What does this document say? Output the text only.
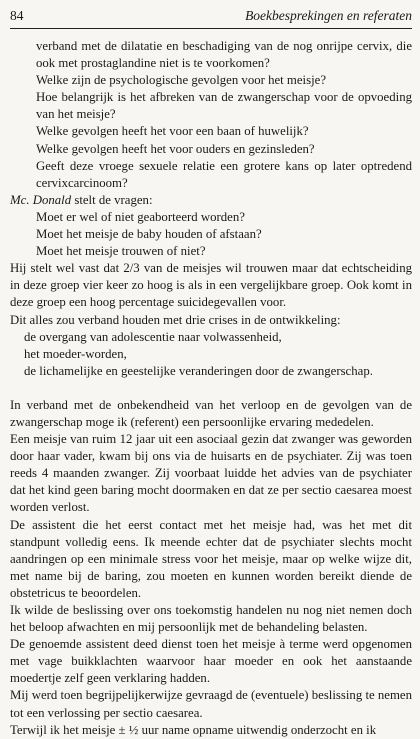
84	Boekbesprekingen en referaten

verband met de dilatatie en beschadiging van de nog onrijpe cervix, die ook met prostaglandine niet is te voorkomen?

Welke zijn de psychologische gevolgen voor het meisje?

Hoe belangrijk is het afbreken van de zwangerschap voor de opvoeding van het meisje?

Welke gevolgen heeft het voor een baan of huwelijk?

Welke gevolgen heeft het voor ouders en gezinsleden?

Geeft deze vroege sexuele relatie een grotere kans op later optredend cervixcarcinoom?

Mc. Donald stelt de vragen:

Moet er wel of niet geaborteerd worden?

Moet het meisje de baby houden of afstaan?

Moet het meisje trouwen of niet?

Hij stelt wel vast dat 2/3 van de meisjes wil trouwen maar dat echtscheiding in deze groep vier keer zo hoog is als in een vergelijkbare groep. Ook komt in deze groep een hoog percentage suicidegevallen voor.

Dit alles zou verband houden met drie crises in de ontwikkeling:

de overgang van adolescentie naar volwassenheid,

het moeder-worden,

de lichamelijke en geestelijke veranderingen door de zwangerschap.

In verband met de onbekendheid van het verloop en de gevolgen van de zwangerschap moge ik (referent) een persoonlijke ervaring mededelen.

Een meisje van ruim 12 jaar uit een asociaal gezin dat zwanger was geworden door haar vader, kwam bij ons via de huisarts en de psychiater. Zij was toen reeds 4 maanden zwanger. Zij voorbaat luidde het advies van de psychiater dat het kind geen baring mocht doormaken en dat ze per sectio caesarea moest worden verlost.

De assistent die het eerst contact met het meisje had, was het met dit standpunt volledig eens. Ik meende echter dat de psychiater slechts mocht aandringen op een minimale stress voor het meisje, maar op welke wijze dit, met name bij de baring, zou moeten en kunnen worden bereikt diende de obstetricus te beoordelen.

Ik wilde de beslissing over ons toekomstig handelen nu nog niet nemen doch het beloop afwachten en mij persoonlijk met de behandeling belasten.

De genoemde assistent deed dienst toen het meisje à terme werd opgenomen met vage buikklachten waarvoor haar moeder en ook het aanstaande moedertje zelf geen verklaring hadden.

Mij werd toen begrijpelijkerwijze gevraagd de (eventuele) beslissing te nemen tot een verlossing per sectio caesarea.

Terwijl ik het meisje ± ½ uur name opname uitwendig onderzocht en ik
